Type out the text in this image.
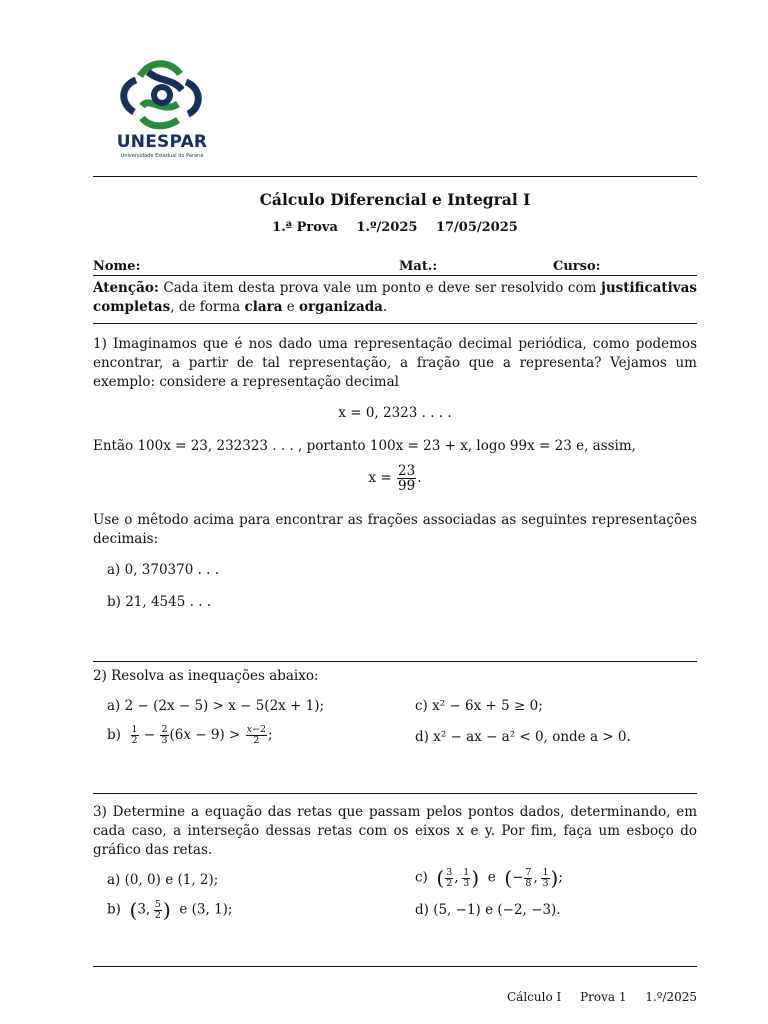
UNESPAR
Universidade Estadual do Paraná
Cálculo Diferencial e Integral I
1.ª Prova 1.º/2025 17/05/2025
Nome:	Mat.:	Curso:
Atenção: Cada item desta prova vale um ponto e deve ser resolvido com justificativas completas, de forma clara e organizada.
1) Imaginamos que é nos dado uma representação decimal periódica, como podemos encontrar, a partir de tal representação, a fração que a representa? Vejamos um exemplo: considere a representação decimal
x = 0, 2323 . . . .
Então 100x = 23, 232323 . . . , portanto 100x = 23 + x, logo 99x = 23 e, assim,
$x = \frac{23}{99}$ .
Use o mêtodo acima para encontrar as frações associadas as seguintes representações decimais:
a) 0, 370370 . . .
b) 21, 4545 . . .
2) Resolva as inequações abaixo:
a) 2 − (2x − 5) > x − 5(2x + 1);	c) x² − 6x + 5 ≥ 0;
$b) \frac{1}{2} - \frac{2}{3} (6x - 9) > \frac{x-2}{2}$ ;	d) x² − ax − a² < 0, onde a > 0.
3) Determine a equação das retas que passam pelos pontos dados, determinando, em cada caso, a interseção dessas retas com os eixos x e y. Por fim, faça um esboço do gráfico das retas.
a) (0, 0) e (1, 2);	c) ( $\frac{3}{2}$ ,  $\frac{1}{3}$ )  e  (− $\frac{7}{8}$ ,  $\frac{1}{3}$ );
b) (3,  $\frac{5}{2}$ )  e (3, 1);	d) (5, −1) e (−2, −3).
Cálculo I Prova 1 1.º/2025
